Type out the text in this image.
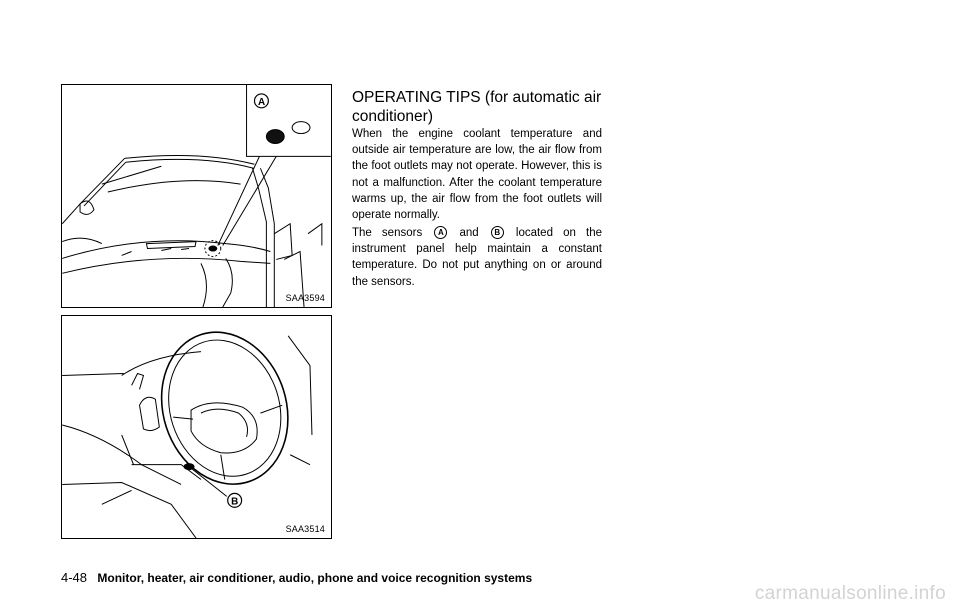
A
SAA3594
B
SAA3514
OPERATING TIPS (for automatic air conditioner)

When the engine coolant temperature and outside air temperature are low, the air flow from the foot outlets may not operate. However, this is not a malfunction. After the coolant temperature warms up, the air flow from the foot outlets will operate normally.

The sensors A and B located on the instrument panel help maintain a constant temperature. Do not put anything on or around the sensors.

4-48 Monitor, heater, air conditioner, audio, phone and voice recognition systems
carmanualsonline.info
